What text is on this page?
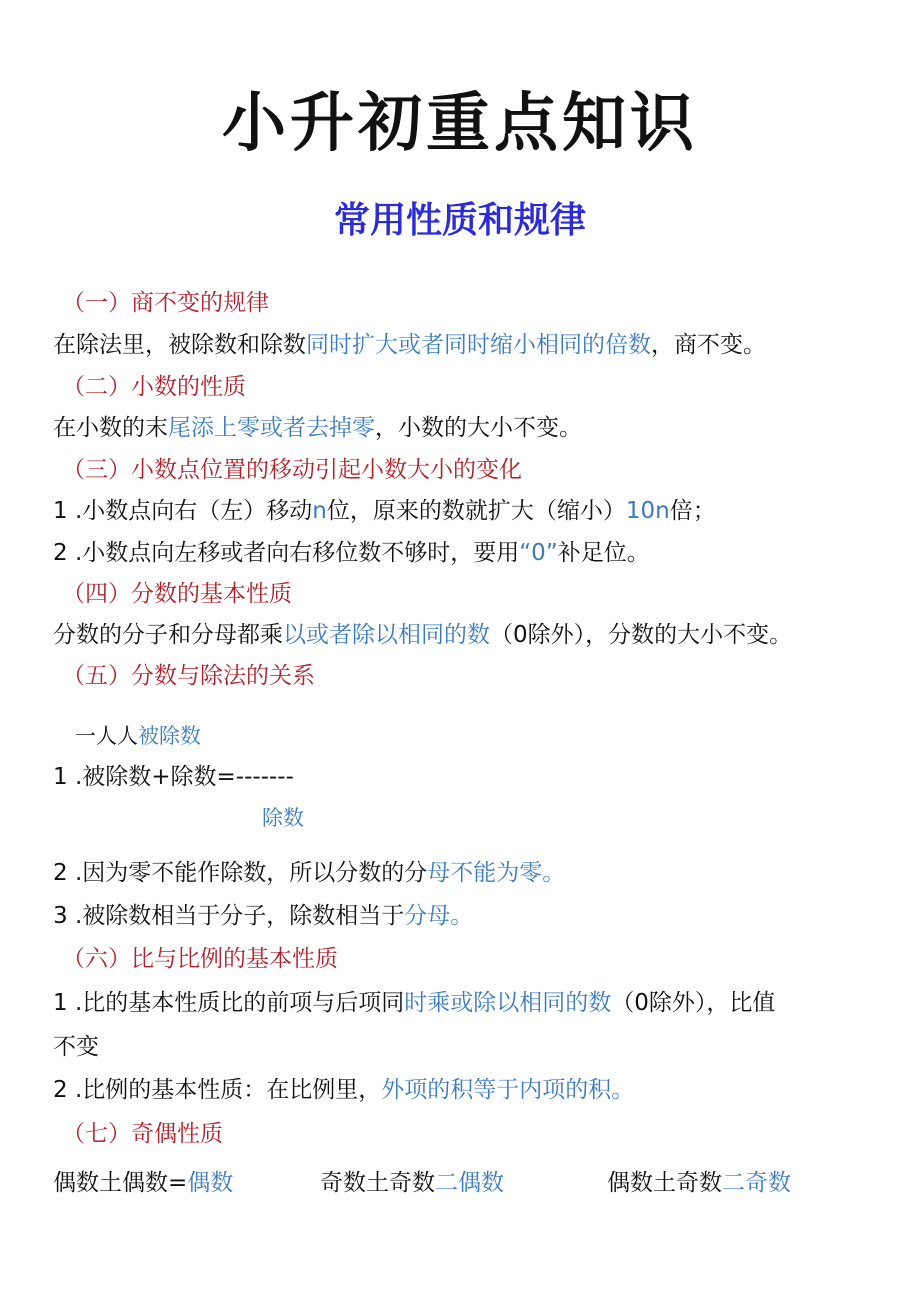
小升初重点知识
常用性质和规律
（一）商不变的规律
在除法里，被除数和除数同时扩大或者同时缩小相同的倍数，商不变。
（二）小数的性质
在小数的末尾添上零或者去掉零，小数的大小不变。
（三）小数点位置的移动引起小数大小的变化
1 .小数点向右（左）移动n位，原来的数就扩大（缩小）10n倍；
2 .小数点向左移或者向右移位数不够时，要用“0”补足位。
（四）分数的基本性质
分数的分子和分母都乘以或者除以相同的数（0除外），分数的大小不变。
（五）分数与除法的关系
一人人被除数
1 .被除数+除数=-------
除数
2 .因为零不能作除数，所以分数的分母不能为零。
3 .被除数相当于分子，除数相当于分母。
（六）比与比例的基本性质
1 .比的基本性质比的前项与后项同时乘或除以相同的数（0除外），比值
不变
2 .比例的基本性质：在比例里，外项的积等于内项的积。
（七）奇偶性质
偶数土偶数=偶数	奇数土奇数二偶数	偶数土奇数二奇数
